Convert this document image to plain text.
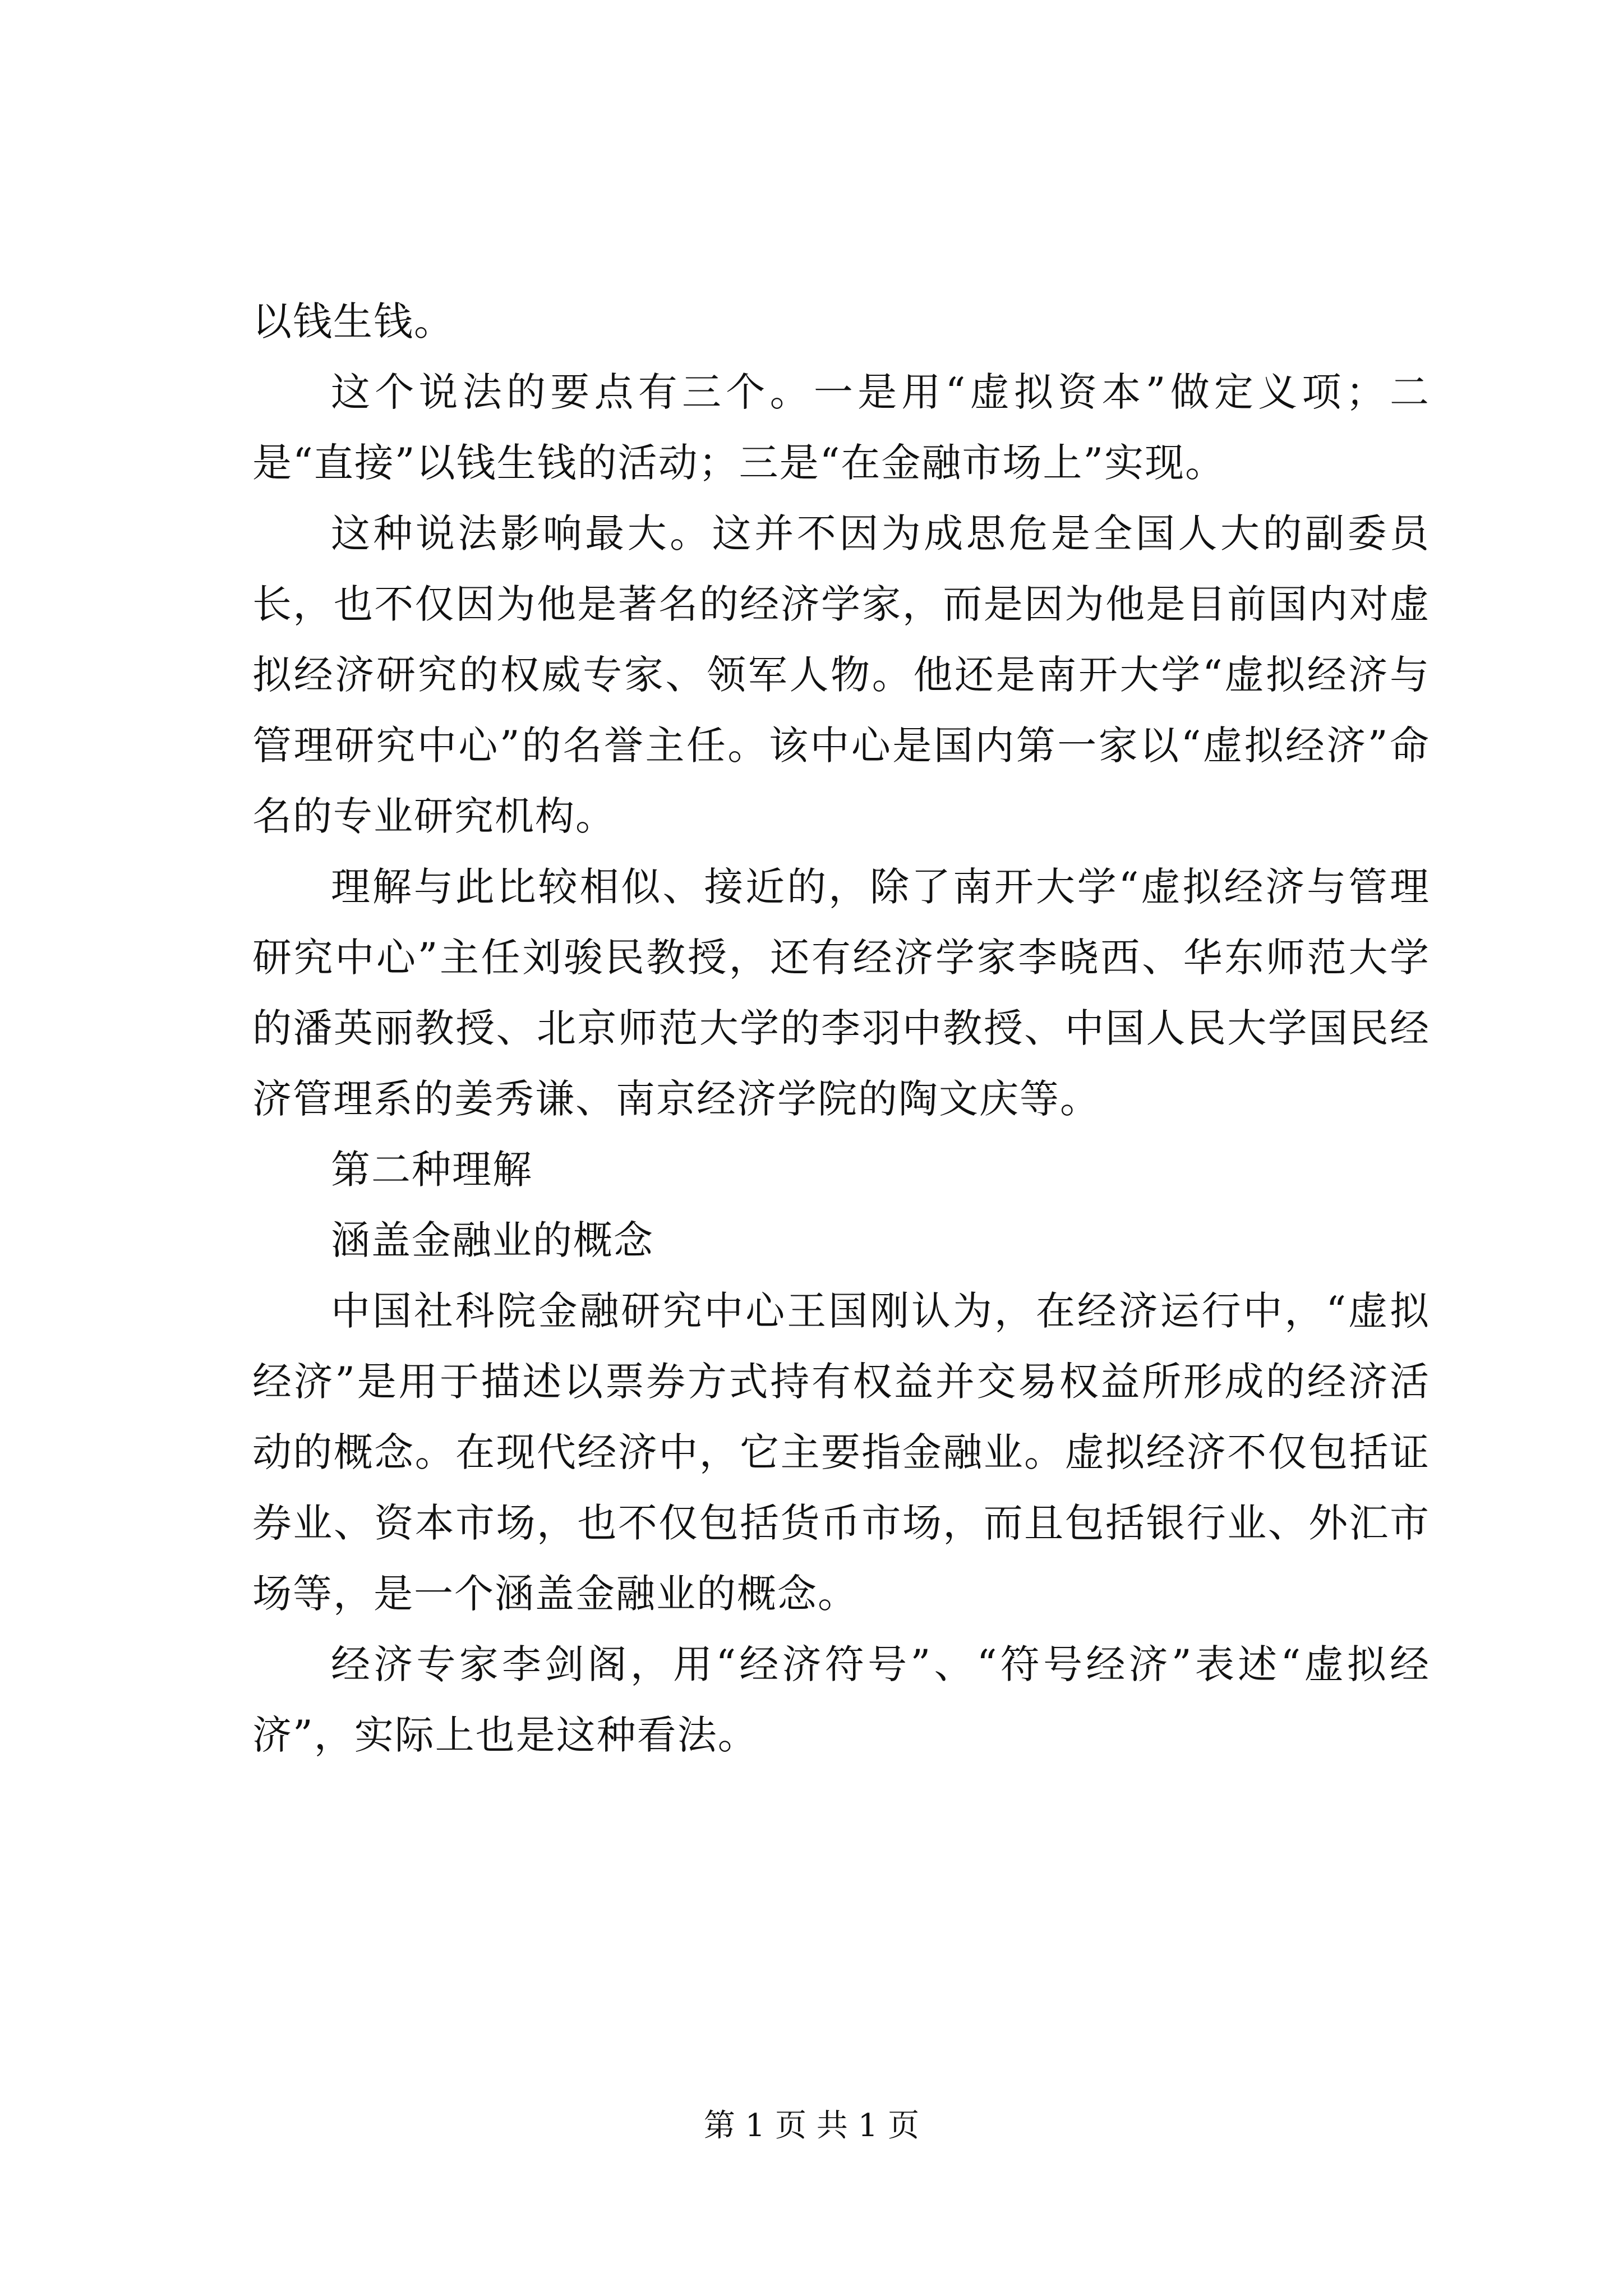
以钱生钱。

这个说法的要点有三个。一是用“虚拟资本”做定义项；二是“直接”以钱生钱的活动；三是“在金融市场上”实现。

这种说法影响最大。这并不因为成思危是全国人大的副委员长，也不仅因为他是著名的经济学家，而是因为他是目前国内对虚拟经济研究的权威专家、领军人物。他还是南开大学“虚拟经济与管理研究中心”的名誉主任。该中心是国内第一家以“虚拟经济”命名的专业研究机构。

理解与此比较相似、接近的，除了南开大学“虚拟经济与管理研究中心”主任刘骏民教授，还有经济学家李晓西、华东师范大学的潘英丽教授、北京师范大学的李羽中教授、中国人民大学国民经济管理系的姜秀谦、南京经济学院的陶文庆等。

第二种理解

涵盖金融业的概念

中国社科院金融研究中心王国刚认为，在经济运行中，“虚拟经济”是用于描述以票券方式持有权益并交易权益所形成的经济活动的概念。在现代经济中，它主要指金融业。虚拟经济不仅包括证券业、资本市场，也不仅包括货币市场，而且包括银行业、外汇市场等，是一个涵盖金融业的概念。

经济专家李剑阁，用“经济符号”、“符号经济”表述“虚拟经济”，实际上也是这种看法。

第 1 页 共 1 页
